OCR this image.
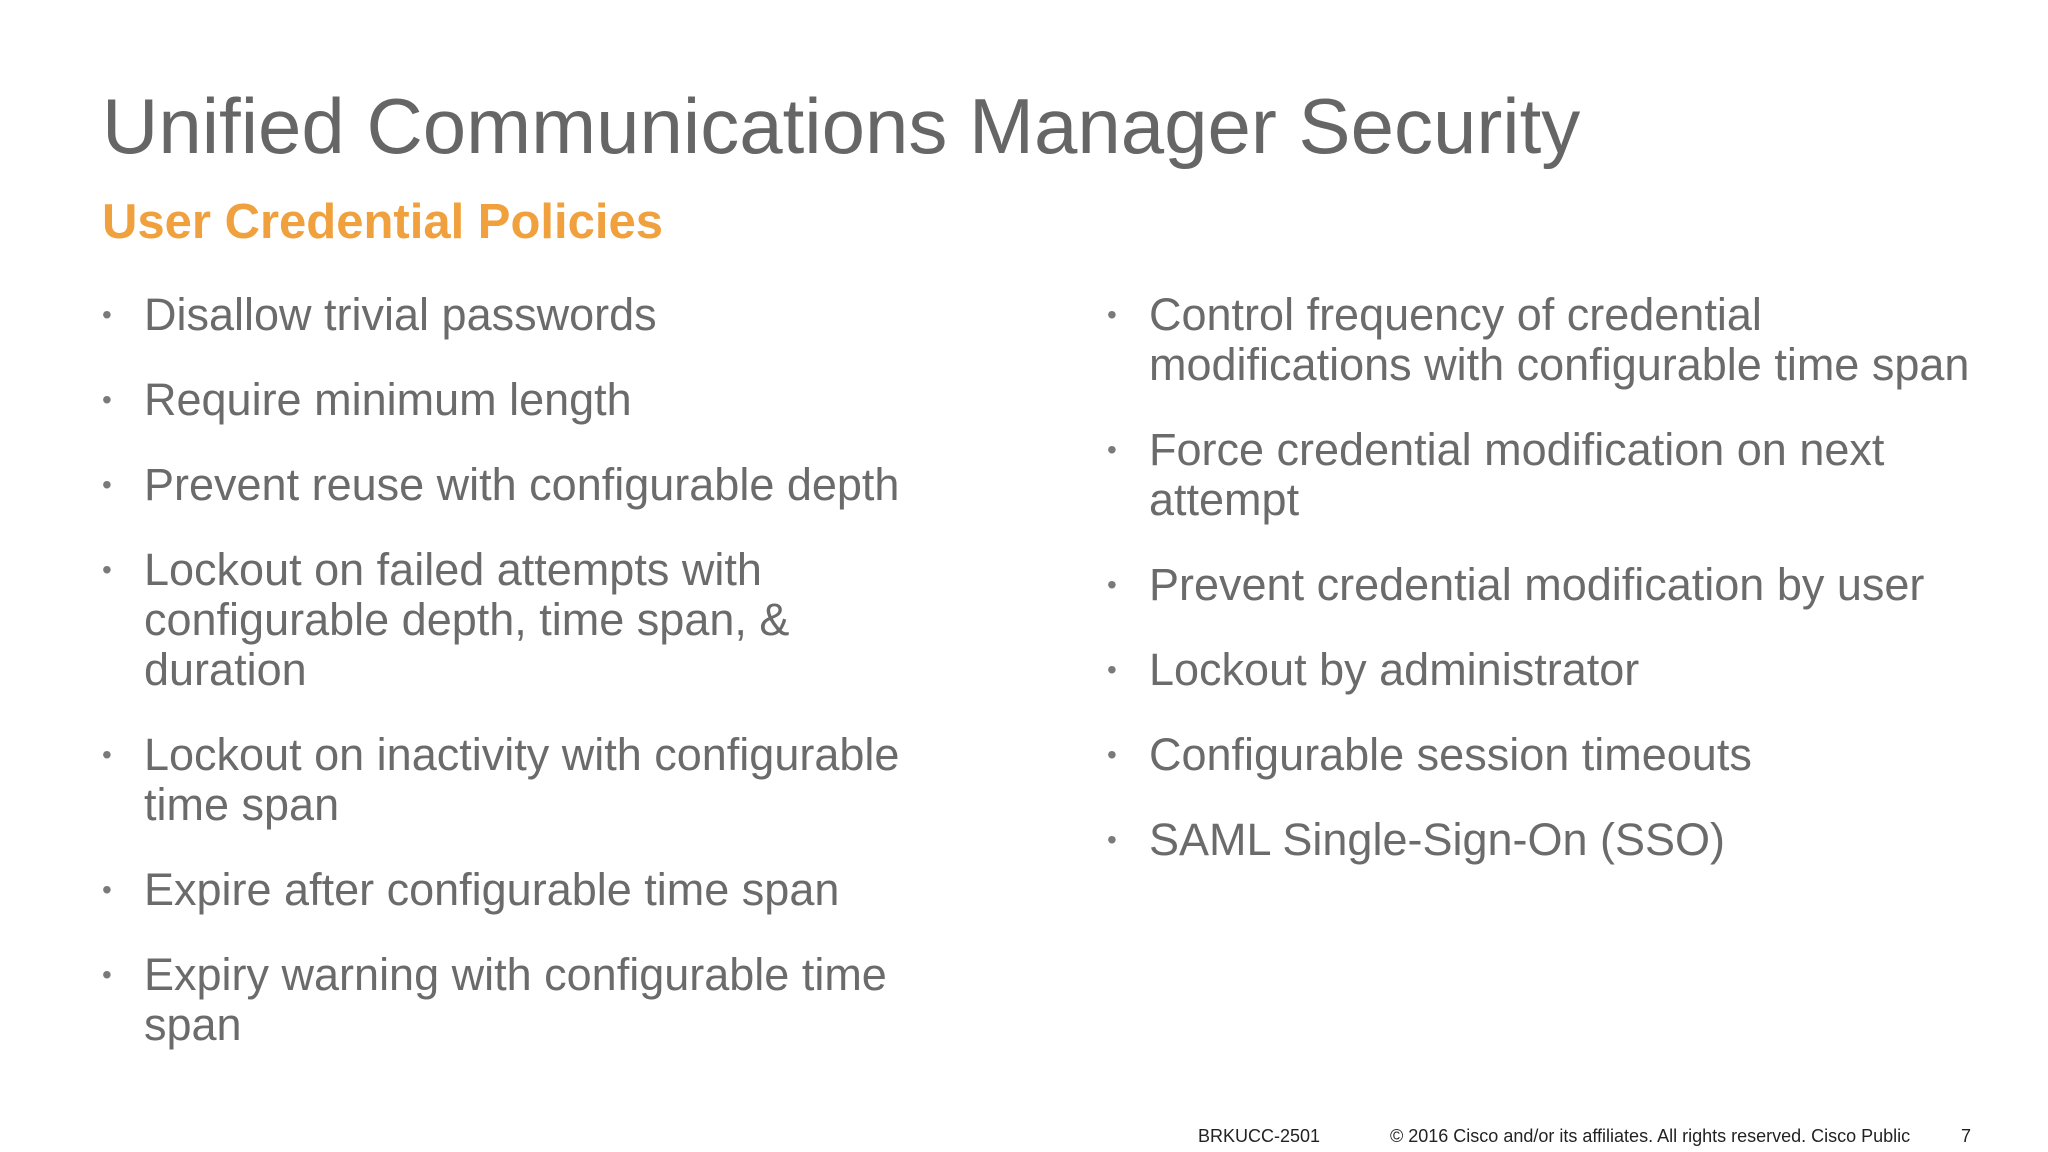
Unified Communications Manager Security
User Credential Policies
• Disallow trivial passwords
• Require minimum length
• Prevent reuse with configurable depth
• Lockout on failed attempts with configurable depth, time span, & duration
• Lockout on inactivity with configurable time span
• Expire after configurable time span
• Expiry warning with configurable time span
• Control frequency of credential modifications with configurable time span
• Force credential modification on next attempt
• Prevent credential modification by user
• Lockout by administrator
• Configurable session timeouts
• SAML Single-Sign-On (SSO)
BRKUCC-2501	© 2016 Cisco and/or its affiliates. All rights reserved. Cisco Public	7
